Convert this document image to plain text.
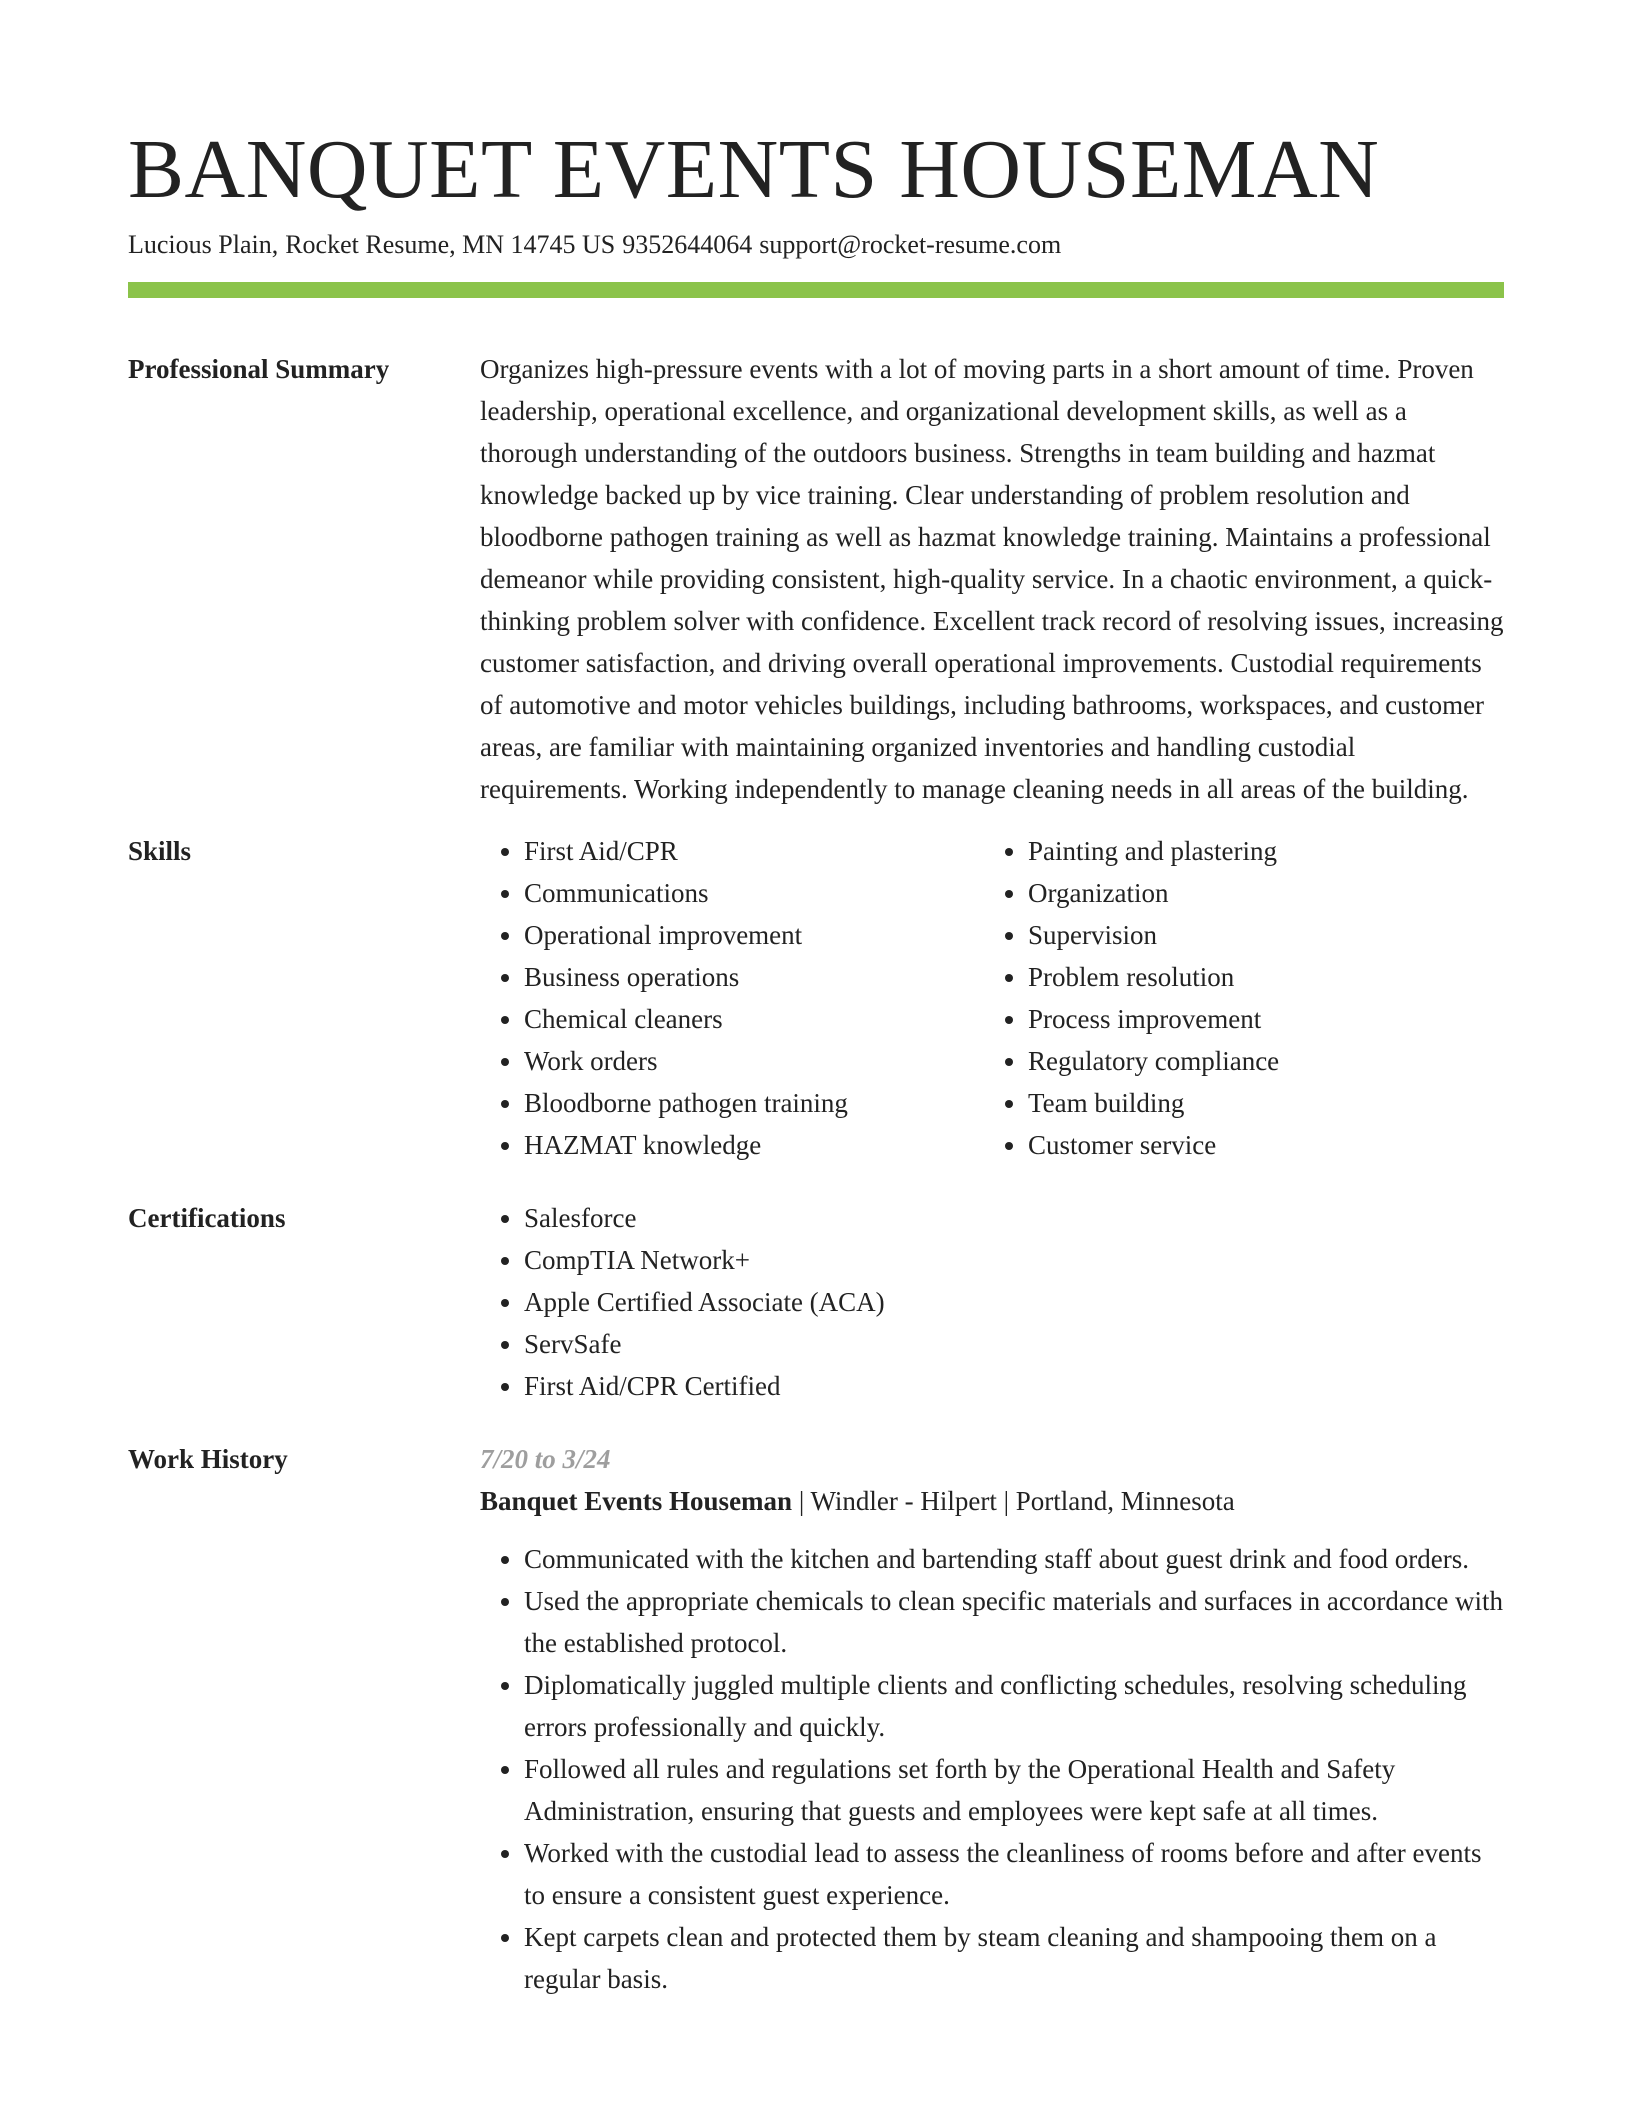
BANQUET EVENTS HOUSEMAN
Lucious Plain, Rocket Resume, MN 14745 US 9352644064 support@rocket-resume.com
Professional Summary	Organizes high-pressure events with a lot of moving parts in a short amount of time. Proven leadership, operational excellence, and organizational development skills, as well as a thorough understanding of the outdoors business. Strengths in team building and hazmat knowledge backed up by vice training. Clear understanding of problem resolution and bloodborne pathogen training as well as hazmat knowledge training. Maintains a professional demeanor while providing consistent, high-quality service. In a chaotic environment, a quick-thinking problem solver with confidence. Excellent track record of resolving issues, increasing customer satisfaction, and driving overall operational improvements. Custodial requirements of automotive and motor vehicles buildings, including bathrooms, workspaces, and customer areas, are familiar with maintaining organized inventories and handling custodial requirements. Working independently to manage cleaning needs in all areas of the building.

Skills	• First Aid/CPR
• Communications
• Operational improvement
• Business operations
• Chemical cleaners
• Work orders
• Bloodborne pathogen training
• HAZMAT knowledge
• Painting and plastering
• Organization
• Supervision
• Problem resolution
• Process improvement
• Regulatory compliance
• Team building
• Customer service
Certifications	• Salesforce
• CompTIA Network+
• Apple Certified Associate (ACA)
• ServSafe
• First Aid/CPR Certified
Work History	7/20 to 3/24
Banquet Events Houseman | Windler - Hilpert | Portland, Minnesota
• Communicated with the kitchen and bartending staff about guest drink and food orders.
• Used the appropriate chemicals to clean specific materials and surfaces in accordance with the established protocol.
• Diplomatically juggled multiple clients and conflicting schedules, resolving scheduling errors professionally and quickly.
• Followed all rules and regulations set forth by the Operational Health and Safety Administration, ensuring that guests and employees were kept safe at all times.
• Worked with the custodial lead to assess the cleanliness of rooms before and after events to ensure a consistent guest experience.
• Kept carpets clean and protected them by steam cleaning and shampooing them on a regular basis.
